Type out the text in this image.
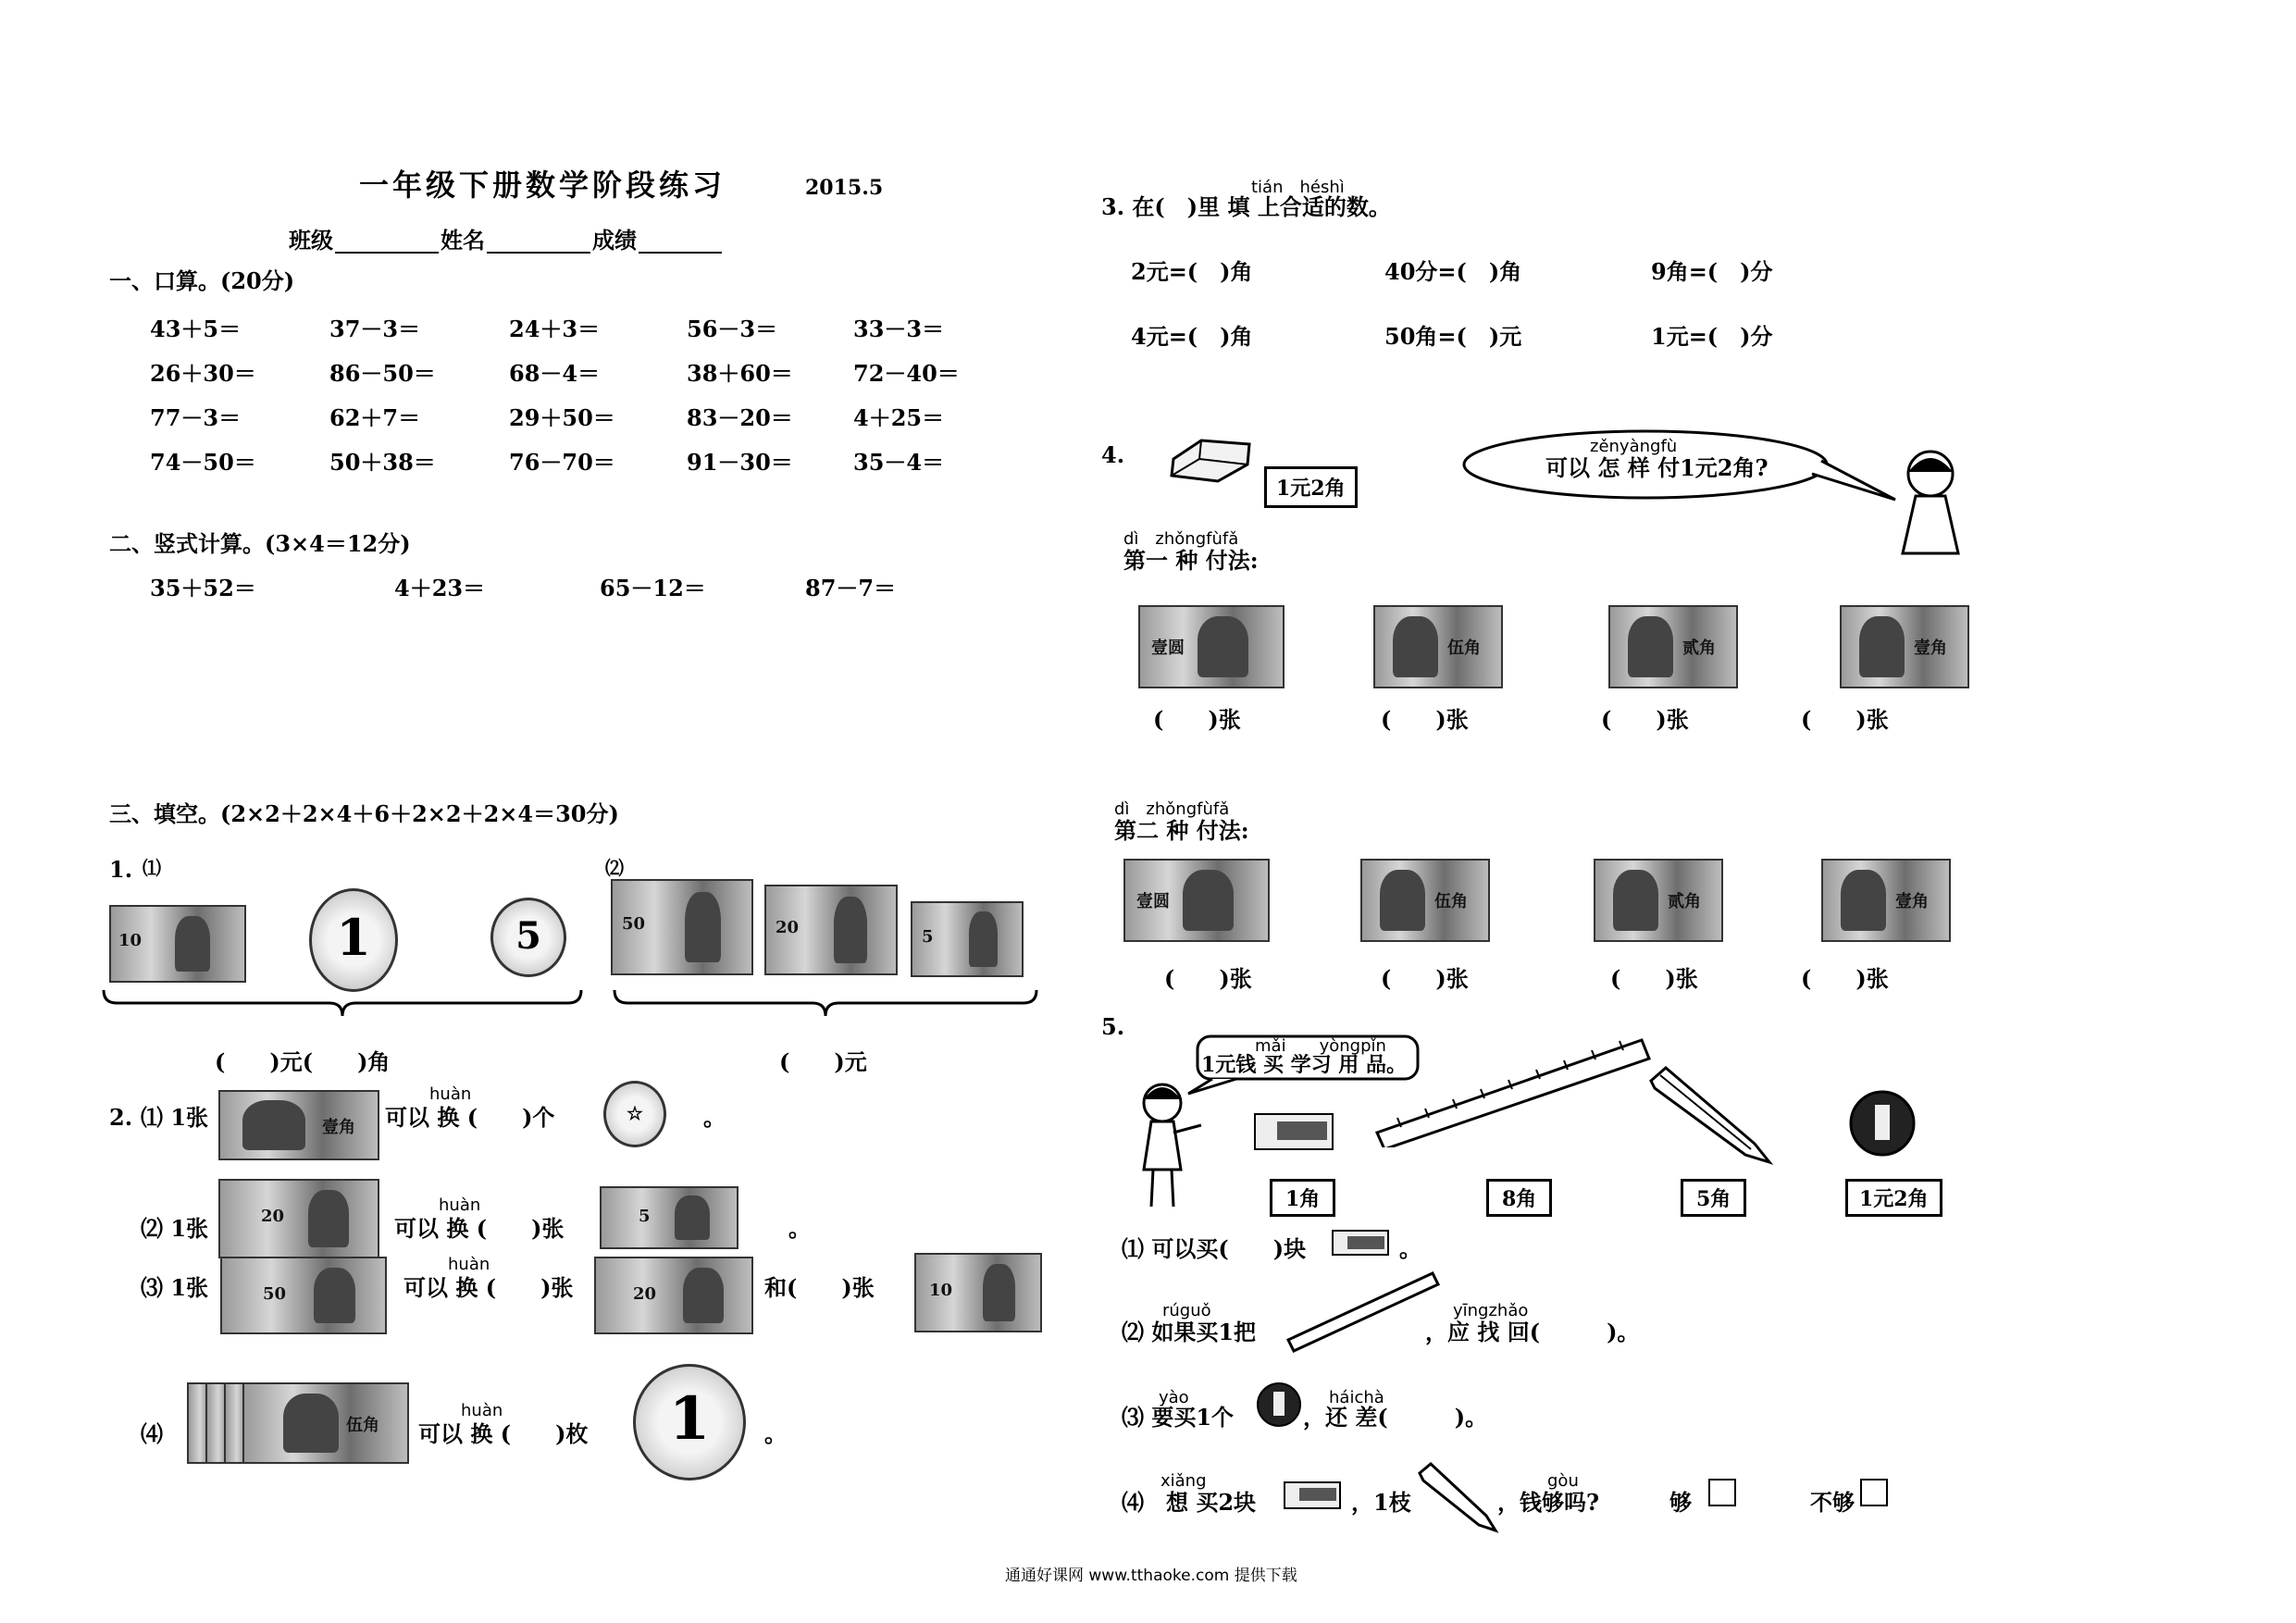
一年级下册数学阶段练习	2015.5
班级	姓名	成绩
一、口算。(20分)
43＋5＝	37－3＝	24＋3＝	56－3＝	33－3＝
26＋30＝	86－50＝	68－4＝	38＋60＝	72－40＝
77－3＝	62＋7＝	29＋50＝	83－20＝	4＋25＝
74－50＝	50＋38＝	76－70＝	91－30＝	35－4＝
二、竖式计算。(3×4＝12分)
35＋52＝	4＋23＝	65－12＝	87－7＝
三、填空。(2×2＋2×4＋6＋2×2＋2×4＝30分)
1. ⑴	⑵
10	1	5	50	20	5
(　　)元(　　)角	(　　)元
2. ⑴ 1张	壹角
huàn
可以 换 (　　)个	☆	。
⑵ 1张	20
huàn
可以 换 (　　)张	5	。
⑶ 1张	50
huàn
可以 换 (　　)张	20	和(　　)张	10
⑷	伍角
huàn
可以 换 (　　)枚	1	。
tián　héshì
3. 在(　)里 填 上合适的数。
2元=(　)角	40分=(　)角	9角=(　)分
4元=(　)角	50角=(　)元	1元=(　)分
4.
1元2角
zěnyàngfù
可以 怎 样 付1元2角?
dì　zhǒngfùfǎ
第一 种 付法:
壹圆
(　　)张
伍角
(　　)张
贰角
(　　)张
壹角
(　　)张
dì　zhǒngfùfǎ
第二 种 付法:
壹圆
(　　)张
伍角
(　　)张
贰角
(　　)张
壹角
(　　)张
5.
mǎi　　yòngpǐn
1元钱 买 学习 用 品。
1角	8角	5角	1元2角
⑴ 可以买(　　)块	。
rúguǒ
⑵ 如果买1把
yīngzhǎo
，应 找 回(　　　)。
yào
⑶ 要买1个
háichà
，还 差(　　　)。
xiǎng
⑷　想 买2块	，1枝
gòu
，钱够吗?	够	不够
通通好课网 www.tthaoke.com 提供下载
